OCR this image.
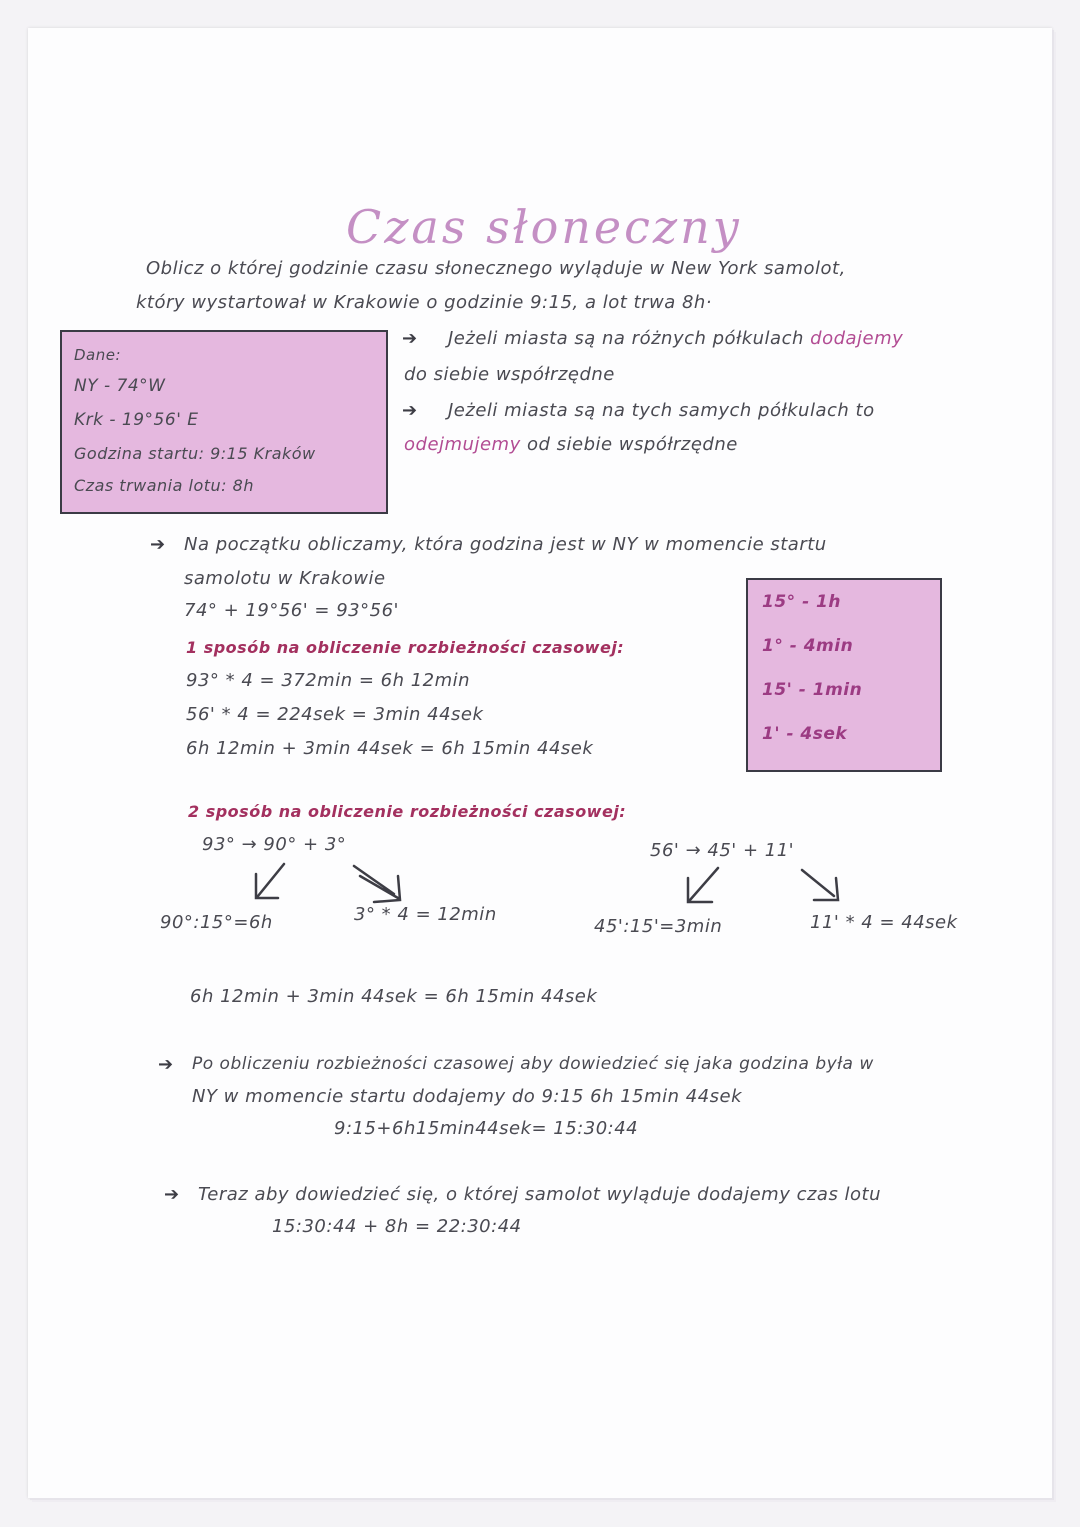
Czas słoneczny
Oblicz o której godzinie czasu słonecznego wyląduje w New York samolot,
który wystartował w Krakowie o godzinie 9:15, a lot trwa 8h·
Dane:
NY - 74°W
Krk - 19°56' E
Godzina startu: 9:15 Kraków
Czas trwania lotu: 8h
➔ Jeżeli miasta są na różnych półkulach dodajemy
do siebie współrzędne
➔ Jeżeli miasta są na tych samych półkulach to
odejmujemy od siebie współrzędne
➔ Na początku obliczamy, która godzina jest w NY w momencie startu
samolotu w Krakowie
74° + 19°56' = 93°56'
1 sposób na obliczenie rozbieżności czasowej:
93° * 4 = 372min = 6h 12min
56' * 4 = 224sek = 3min 44sek
6h 12min + 3min 44sek = 6h 15min 44sek
15° - 1h
1° - 4min
15' - 1min
1' - 4sek
2 sposób na obliczenie rozbieżności czasowej:
93° → 90° + 3°	56' → 45' + 11'
90°:15°=6h	3° * 4 = 12min
45':15'=3min	11' * 4 = 44sek
6h 12min + 3min 44sek = 6h 15min 44sek
➔ Po obliczeniu rozbieżności czasowej aby dowiedzieć się jaka godzina była w
NY w momencie startu dodajemy do 9:15 6h 15min 44sek
9:15+6h15min44sek= 15:30:44
➔ Teraz aby dowiedzieć się, o której samolot wyląduje dodajemy czas lotu
15:30:44 + 8h = 22:30:44
